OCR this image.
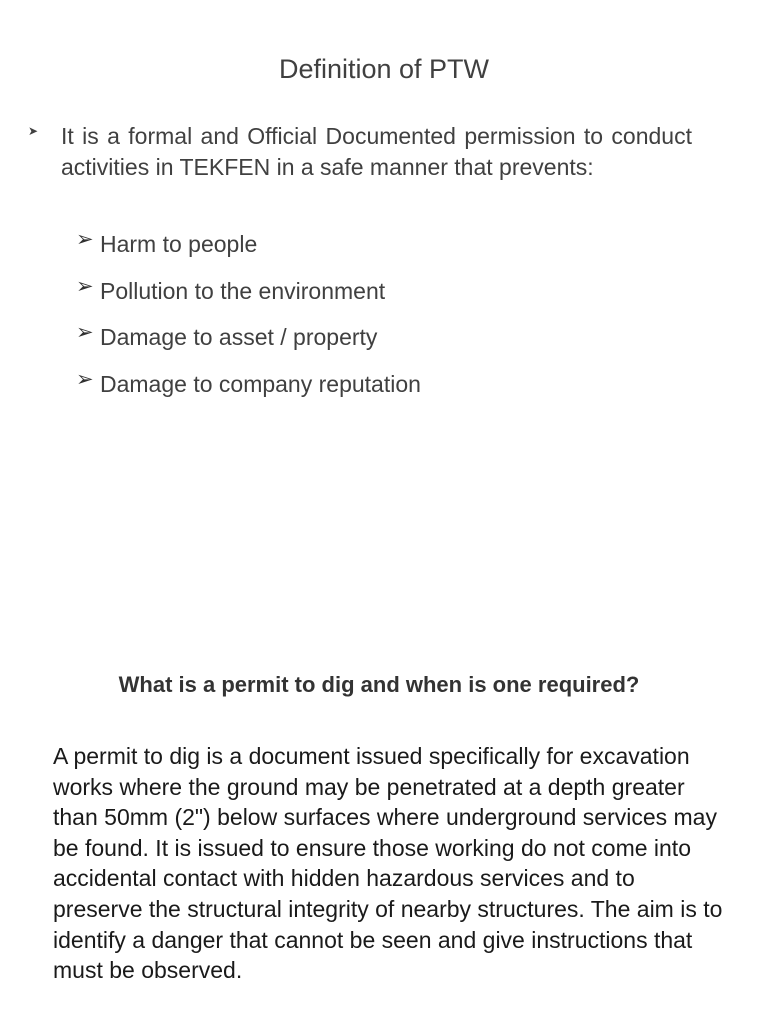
Definition of PTW
➤ It is a formal and Official Documented permission to conduct activities in TEKFEN in a safe manner that prevents:
➢ Harm to people
➢ Pollution to the environment
➢ Damage to asset / property
➢ Damage to company reputation
What is a permit to dig and when is one required?
A permit to dig is a document issued specifically for excavation works where the ground may be penetrated at a depth greater than 50mm (2") below surfaces where underground services may be found. It is issued to ensure those working do not come into accidental contact with hidden hazardous services and to preserve the structural integrity of nearby structures. The aim is to identify a danger that cannot be seen and give instructions that must be observed.
